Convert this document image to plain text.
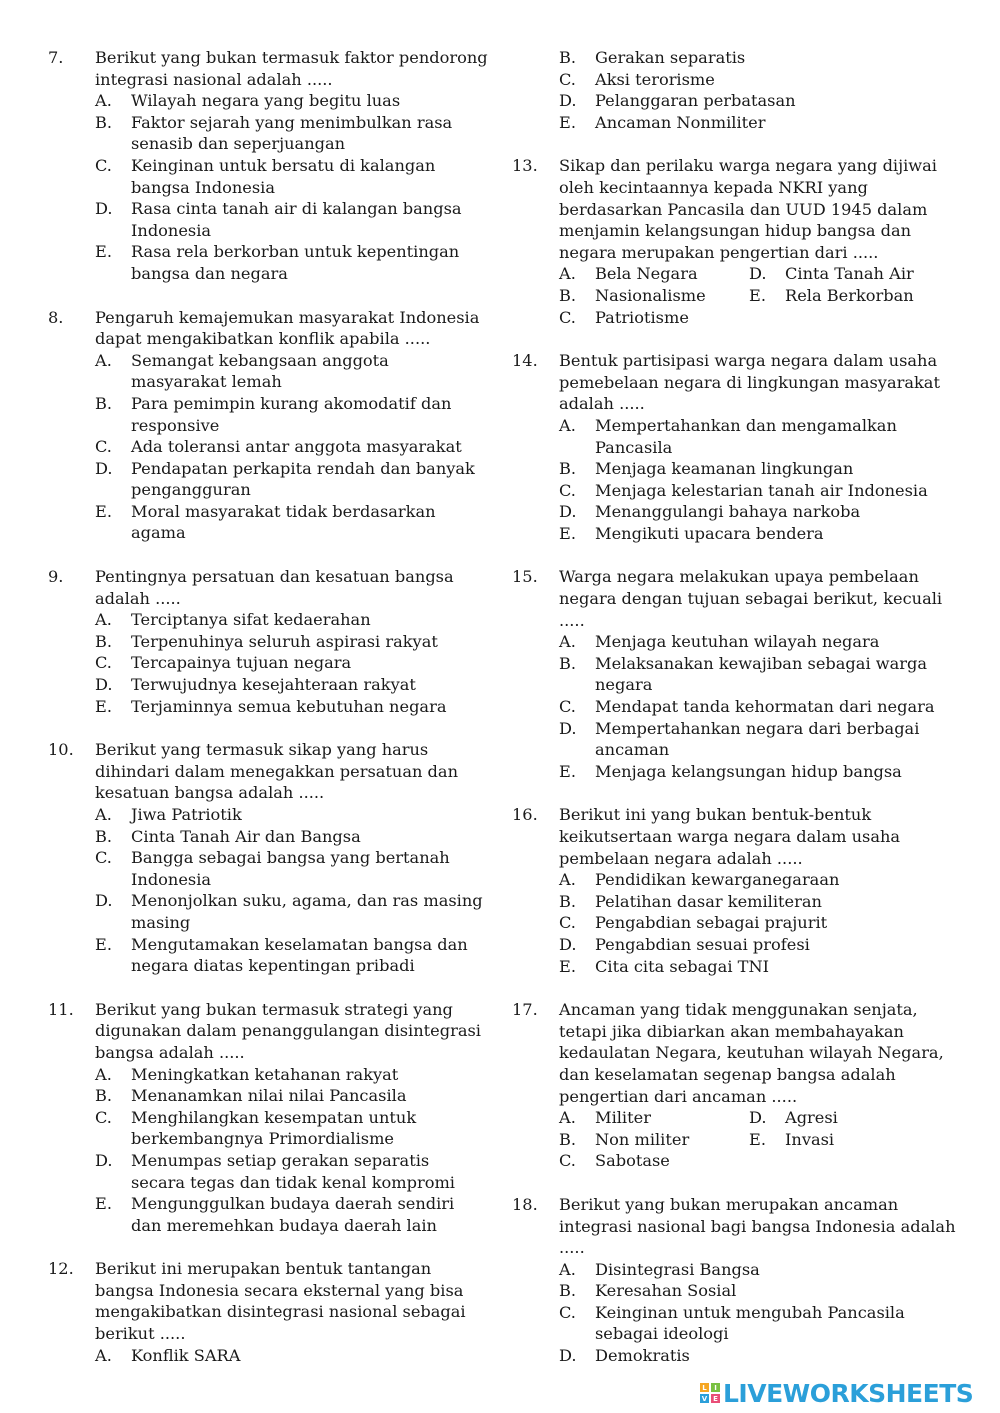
7.	Berikut yang bukan termasuk faktor pendorong integrasi nasional adalah .....
A.	Wilayah negara yang begitu luas
B.	Faktor sejarah yang menimbulkan rasa senasib dan seperjuangan
C.	Keinginan untuk bersatu di kalangan bangsa Indonesia
D.	Rasa cinta tanah air di kalangan bangsa Indonesia
E.	Rasa rela berkorban untuk kepentingan bangsa dan negara
8.	Pengaruh kemajemukan masyarakat Indonesia dapat mengakibatkan konflik apabila .....
A.	Semangat kebangsaan anggota masyarakat lemah
B.	Para pemimpin kurang akomodatif dan responsive
C.	Ada toleransi antar anggota masyarakat
D.	Pendapatan perkapita rendah dan banyak pengangguran
E.	Moral masyarakat tidak berdasarkan agama
9.	Pentingnya persatuan dan kesatuan bangsa adalah .....
A.	Terciptanya sifat kedaerahan
B.	Terpenuhinya seluruh aspirasi rakyat
C.	Tercapainya tujuan negara
D.	Terwujudnya kesejahteraan rakyat
E.	Terjaminnya semua kebutuhan negara
10.	Berikut yang termasuk sikap yang harus dihindari dalam menegakkan persatuan dan kesatuan bangsa adalah .....
A.	Jiwa Patriotik
B.	Cinta Tanah Air dan Bangsa
C.	Bangga sebagai bangsa yang bertanah Indonesia
D.	Menonjolkan suku, agama, dan ras masing masing
E.	Mengutamakan keselamatan bangsa dan negara diatas kepentingan pribadi
11.	Berikut yang bukan termasuk strategi yang digunakan dalam penanggulangan disintegrasi bangsa adalah .....
A.	Meningkatkan ketahanan rakyat
B.	Menanamkan nilai nilai Pancasila
C.	Menghilangkan kesempatan untuk berkembangnya Primordialisme
D.	Menumpas setiap gerakan separatis secara tegas dan tidak kenal kompromi
E.	Mengunggulkan budaya daerah sendiri dan meremehkan budaya daerah lain
12.	Berikut ini merupakan bentuk tantangan bangsa Indonesia secara eksternal yang bisa mengakibatkan disintegrasi nasional sebagai berikut .....
A.	Konflik SARA
B.	Gerakan separatis
C.	Aksi terorisme
D.	Pelanggaran perbatasan
E.	Ancaman Nonmiliter
13.	Sikap dan perilaku warga negara yang dijiwai oleh kecintaannya kepada NKRI yang berdasarkan Pancasila dan UUD 1945 dalam menjamin kelangsungan hidup bangsa dan negara merupakan pengertian dari .....
A.	Bela Negara	D.	Cinta Tanah Air
B.	Nasionalisme	E.	Rela Berkorban
C.	Patriotisme
14.	Bentuk partisipasi warga negara dalam usaha pemebelaan negara di lingkungan masyarakat adalah .....
A.	Mempertahankan dan mengamalkan Pancasila
B.	Menjaga keamanan lingkungan
C.	Menjaga kelestarian tanah air Indonesia
D.	Menanggulangi bahaya narkoba
E.	Mengikuti upacara bendera
15.	Warga negara melakukan upaya pembelaan negara dengan tujuan sebagai berikut, kecuali .....
A.	Menjaga keutuhan wilayah negara
B.	Melaksanakan kewajiban sebagai warga negara
C.	Mendapat tanda kehormatan dari negara
D.	Mempertahankan negara dari berbagai ancaman
E.	Menjaga kelangsungan hidup bangsa
16.	Berikut ini yang bukan bentuk-bentuk keikutsertaan warga negara dalam usaha pembelaan negara adalah .....
A.	Pendidikan kewarganegaraan
B.	Pelatihan dasar kemiliteran
C.	Pengabdian sebagai prajurit
D.	Pengabdian sesuai profesi
E.	Cita cita sebagai TNI
17.	Ancaman yang tidak menggunakan senjata, tetapi jika dibiarkan akan membahayakan kedaulatan Negara, keutuhan wilayah Negara, dan keselamatan segenap bangsa adalah pengertian dari ancaman .....
A.	Militer	D.	Agresi
B.	Non militer	E.	Invasi
C.	Sabotase
18.	Berikut yang bukan merupakan ancaman integrasi nasional bagi bangsa Indonesia adalah .....
A.	Disintegrasi Bangsa
B.	Keresahan Sosial
C.	Keinginan untuk mengubah Pancasila sebagai ideologi
D.	Demokratis
L	I
V E LIVEWORKSHEETS
